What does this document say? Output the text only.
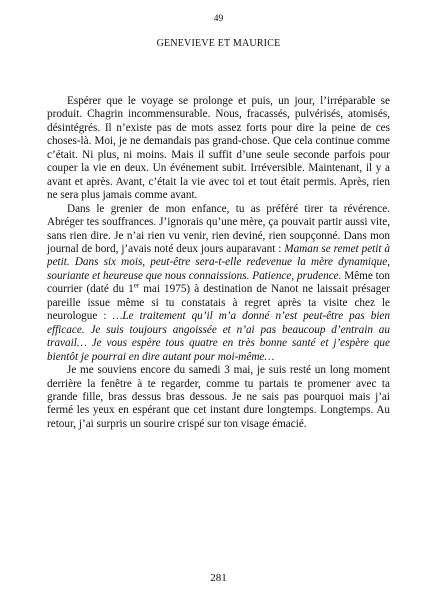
49
GENEVIEVE ET MAURICE

Espérer que le voyage se prolonge et puis, un jour, l’irréparable se produit. Chagrin incommensurable. Nous, fracassés, pulvérisés, atomisés, désintégrés. Il n’existe pas de mots assez forts pour dire la peine de ces choses-là. Moi, je ne demandais pas grand-chose. Que cela continue comme c’était. Ni plus, ni moins. Mais il suffit d’une seule seconde parfois pour couper la vie en deux. Un événement subit. Irréversible. Maintenant, il y a avant et après. Avant, c’était la vie avec toi et tout était permis. Après, rien ne sera plus jamais comme avant.

Dans le grenier de mon enfance, tu as préféré tirer ta révérence. Abréger tes souffrances. J’ignorais qu’une mère, ça pouvait partir aussi vite, sans rien dire. Je n’ai rien vu venir, rien deviné, rien soupçonné. Dans mon journal de bord, j’avais noté deux jours auparavant : Maman se remet petit à petit. Dans six mois, peut-être sera-t-elle redevenue la mère dynamique, souriante et heureuse que nous connaissions. Patience, prudence. Même ton courrier (daté du 1er mai 1975) à destination de Nanot ne laissait présager pareille issue même si tu constatais à regret après ta visite chez le neurologue : …Le traitement qu’il m’a donné n’est peut-être pas bien efficace. Je suis toujours angoissée et n’ai pas beaucoup d’entrain au travail… Je vous espère tous quatre en très bonne santé et j’espère que bientôt je pourrai en dire autant pour moi-même…

Je me souviens encore du samedi 3 mai, je suis resté un long moment derrière la fenêtre à te regarder, comme tu partais te promener avec ta grande fille, bras dessus bras dessous. Je ne sais pas pourquoi mais j’ai fermé les yeux en espérant que cet instant dure longtemps. Longtemps. Au retour, j’ai surpris un sourire crispé sur ton visage émacié.

281
